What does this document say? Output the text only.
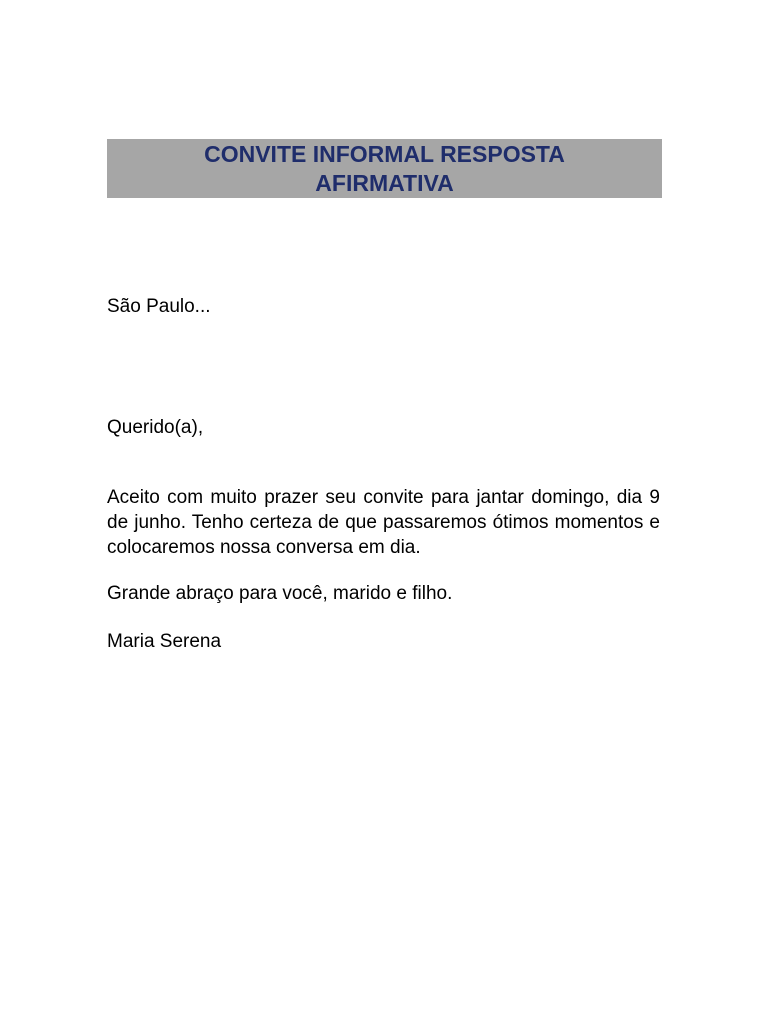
CONVITE INFORMAL RESPOSTA AFIRMATIVA

São Paulo...

Querido(a),

Aceito com muito prazer seu convite para jantar domingo, dia 9 de junho. Tenho certeza de que passaremos ótimos momentos e colocaremos nossa conversa em dia.

Grande abraço para você, marido e filho.

Maria Serena
